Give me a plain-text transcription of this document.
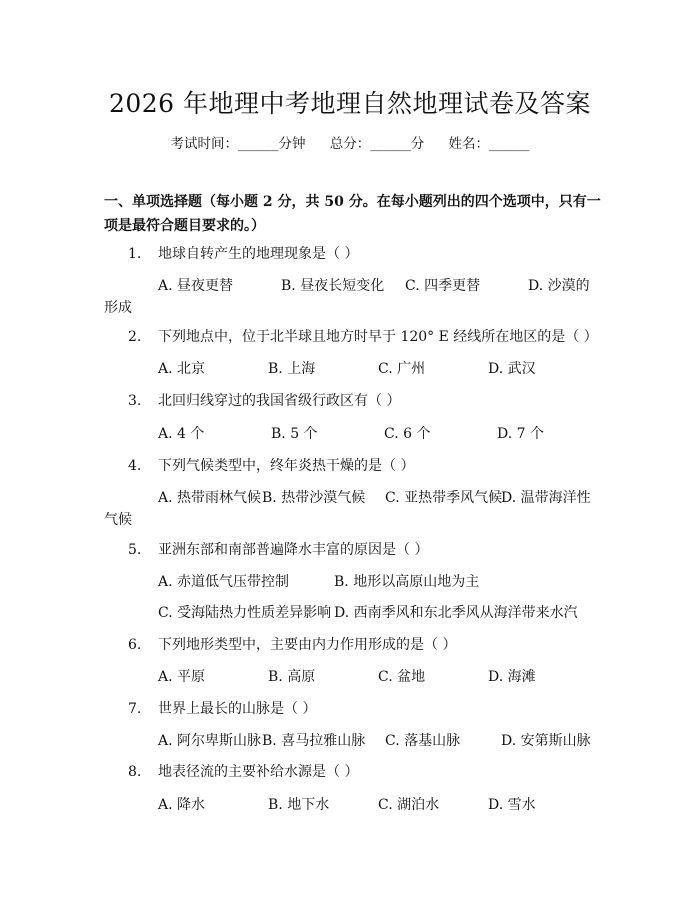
2026 年地理中考地理自然地理试卷及答案
考试时间：______分钟 总分：______分 姓名：______
一、单项选择题（每小题 2 分，共 50 分。在每小题列出的四个选项中，只有一项是最符合题目要求的。）
1. 地球自转产生的地理现象是（ ）
A. 昼夜更替	B. 昼夜长短变化 C. 四季更替	D. 沙漠的
形成
2. 下列地点中，位于北半球且地方时早于 120° E 经线所在地区的是（ ）
A. 北京	B. 上海	C. 广州	D. 武汉
3. 北回归线穿过的我国省级行政区有（ ）
A. 4 个	B. 5 个	C. 6 个	D. 7 个
4. 下列气候类型中，终年炎热干燥的是（ ）
A. 热带雨林气候 B. 热带沙漠气候 C. 亚热带季风气候
D. 温带海洋性
气候
5. 亚洲东部和南部普遍降水丰富的原因是（ ）
A. 赤道低气压带控制	B. 地形以高原山地为主
C. 受海陆热力性质差异影响 D. 西南季风和东北季风从海洋带来水汽
6. 下列地形类型中，主要由内力作用形成的是（ ）
A. 平原	B. 高原	C. 盆地	D. 海滩
7. 世界上最长的山脉是（ ）
A. 阿尔卑斯山脉 B. 喜马拉雅山脉 C. 落基山脉	D. 安第斯山脉
8. 地表径流的主要补给水源是（ ）
A. 降水	B. 地下水	C. 湖泊水	D. 雪水
